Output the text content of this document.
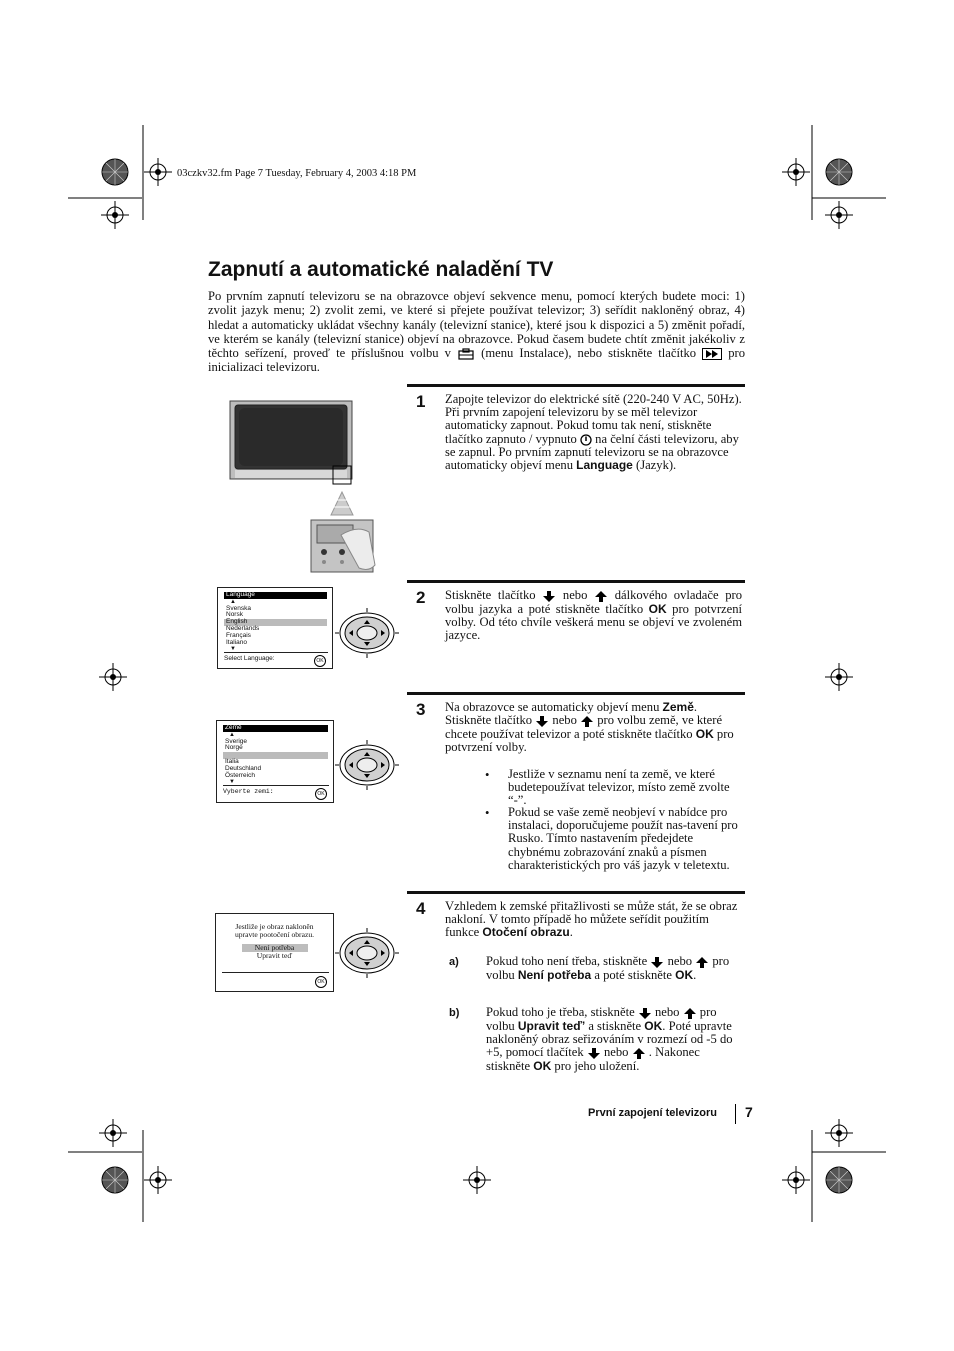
03czkv32.fm Page 7 Tuesday, February 4, 2003 4:18 PM
Zapnutí a automatické naladění TV
Po prvním zapnutí televizoru se na obrazovce objeví sekvence menu, pomocí kterých budete moci: 1) zvolit jazyk menu; 2) zvolit zemi, ve které si přejete používat televizor; 3) seřídit nakloněný obraz, 4) hledat a automaticky ukládat všechny kanály (televizní stanice), které jsou k dispozici a 5) změnit pořadí, ve kterém se kanály (televizní stanice) objeví na obrazovce. Pokud časem budete chtít změnit jakékoliv z těchto seřízení, proveď te příslušnou volbu v (menu Instalace), nebo stiskněte tlačítko	pro inicializaci televizoru.
1 Zapojte televizor do elektrické sítě (220-240 V AC, 50Hz). Při prvním zapojení televizoru by se měl televizor automaticky zapnout. Pokud tomu tak není, stiskněte tlačítko zapnuto / vypnuto na čelní části televizoru, aby se zapnul. Po prvním zapnutí televizoru se na obrazovce automaticky objeví menu Language (Jazyk).
2 Stiskněte tlačítko nebo dálkového ovladače pro volbu jazyka a poté stiskněte tlačítko OK pro potvrzení volby. Od této chvíle veškerá menu se objeví ve zvoleném jazyce.
Language
▲
Svenska
Norsk
English
Nederlands
Français
Italiano
▼
Select Language:	OK
3 Na obrazovce se automaticky objeví menu Země. Stiskněte tlačítko nebo pro volbu země, ve které chcete používat televizor a poté stiskněte tlačítko OK pro potvrzení volby.
• Jestliže v seznamu není ta země, ve které budetepoužívat televizor, místo země zvolte “-”.
• Pokud se vaše země neobjeví v nabídce pro instalaci, doporučujeme použít nas-tavení pro Rusko. Tímto nastavením předejdete chybnému zobrazování znaků a písmen charakteristických pro váš jazyk v teletextu.
Země
▲
Sverige
Norge
Italia
Deutschland
Österreich
▼
Vyberte zemi:	OK
4 Vzhledem k zemské přitažlivosti se může stát, že se obraz nakloní. V tomto případě ho můžete seřídit použitím funkce Otočení obrazu.
a) Pokud toho není třeba, stiskněte nebo pro volbu Není potřeba a poté stiskněte OK.
b) Pokud toho je třeba, stiskněte nebo pro volbu Upravit teď’ a stiskněte OK. Poté upravte nakloněný obraz seřizováním v rozmezí od -5 do +5, pomocí tlačítek nebo . Nakonec stiskněte OK pro jeho uložení.
Jestliže je obraz nakloněn
upravte pootočení obrazu.
Není potřeba
Upravit teď
OK
První zapojení televizoru 7
